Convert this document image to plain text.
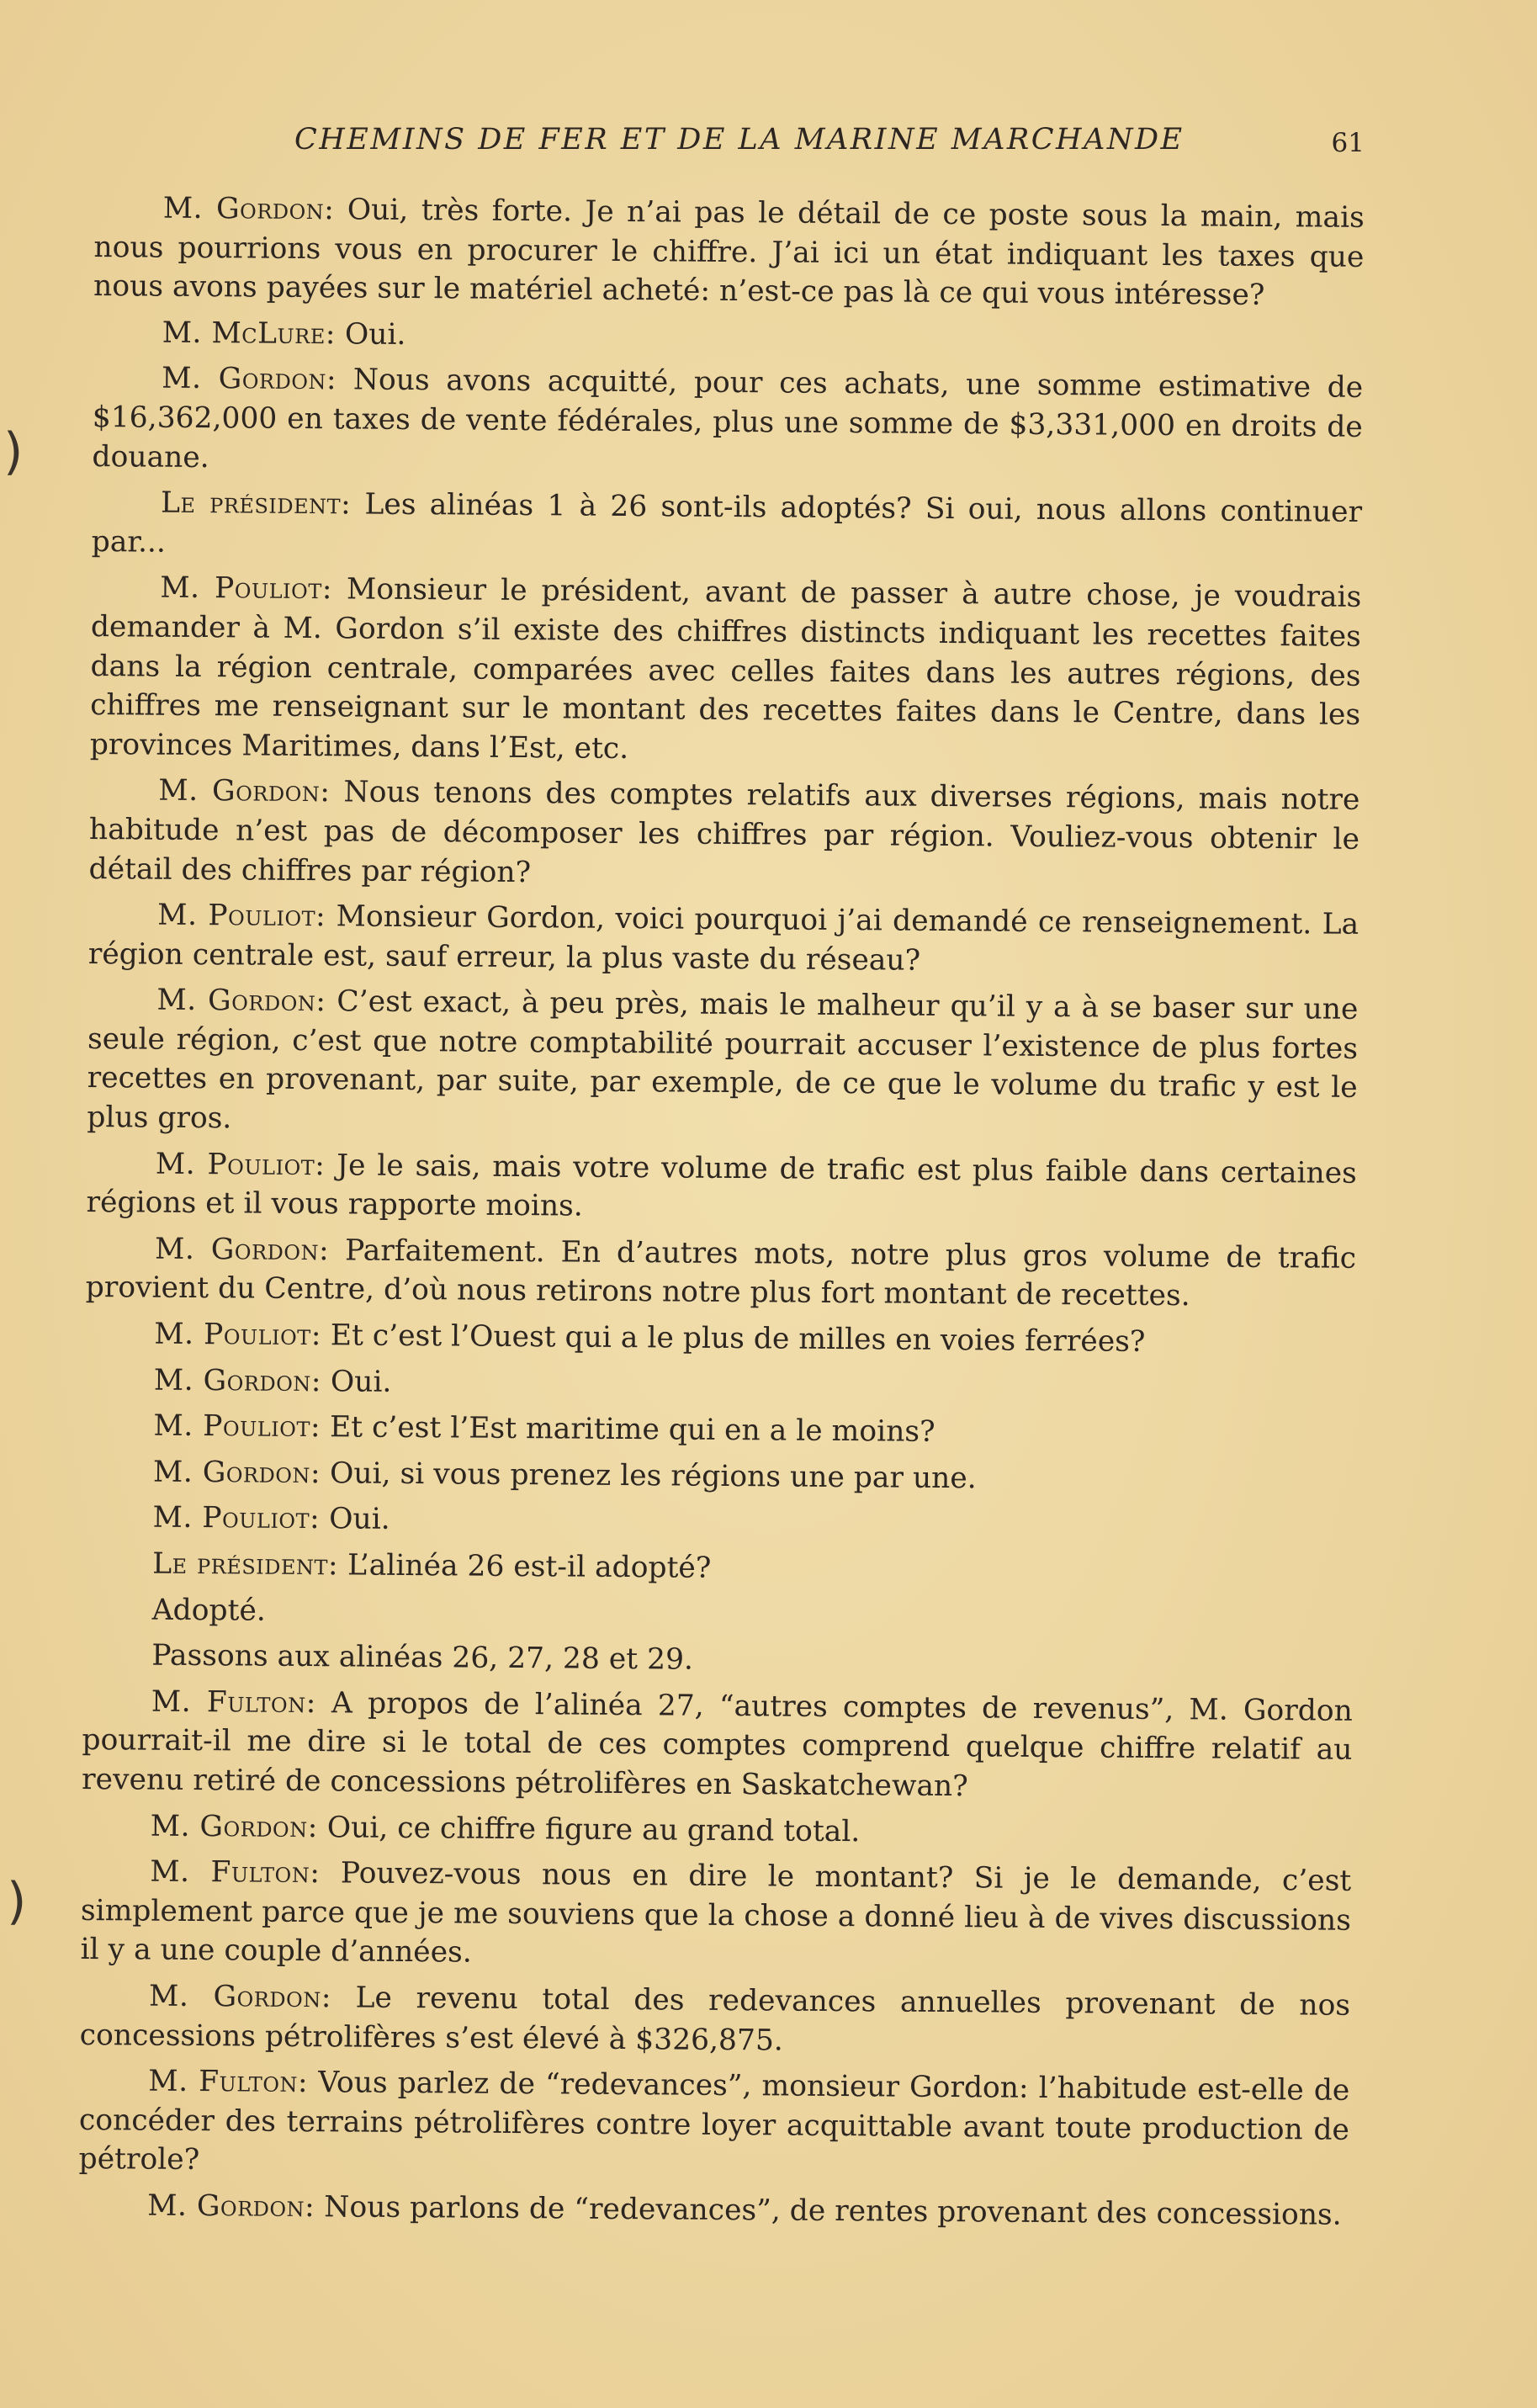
)
)
CHEMINS DE FER ET DE LA MARINE MARCHANDE	61

M. Gordon: Oui, très forte. Je n’ai pas le détail de ce poste sous la main, mais nous pourrions vous en procurer le chiffre. J’ai ici un état indiquant les taxes que nous avons payées sur le matériel acheté: n’est-ce pas là ce qui vous intéresse?

M. McLure: Oui.

M. Gordon: Nous avons acquitté, pour ces achats, une somme estimative de $16,362,000 en taxes de vente fédérales, plus une somme de $3,331,000 en droits de douane.

Le président: Les alinéas 1 à 26 sont-ils adoptés? Si oui, nous allons continuer par...

M. Pouliot: Monsieur le président, avant de passer à autre chose, je voudrais demander à M. Gordon s’il existe des chiffres distincts indiquant les recettes faites dans la région centrale, comparées avec celles faites dans les autres régions, des chiffres me renseignant sur le montant des recettes faites dans le Centre, dans les provinces Maritimes, dans l’Est, etc.

M. Gordon: Nous tenons des comptes relatifs aux diverses régions, mais notre habitude n’est pas de décomposer les chiffres par région. Vouliez-vous obtenir le détail des chiffres par région?

M. Pouliot: Monsieur Gordon, voici pourquoi j’ai demandé ce renseignement. La région centrale est, sauf erreur, la plus vaste du réseau?

M. Gordon: C’est exact, à peu près, mais le malheur qu’il y a à se baser sur une seule région, c’est que notre comptabilité pourrait accuser l’existence de plus fortes recettes en provenant, par suite, par exemple, de ce que le volume du trafic y est le plus gros.

M. Pouliot: Je le sais, mais votre volume de trafic est plus faible dans certaines régions et il vous rapporte moins.

M. Gordon: Parfaitement. En d’autres mots, notre plus gros volume de trafic provient du Centre, d’où nous retirons notre plus fort montant de recettes.

M. Pouliot: Et c’est l’Ouest qui a le plus de milles en voies ferrées?

M. Gordon: Oui.

M. Pouliot: Et c’est l’Est maritime qui en a le moins?

M. Gordon: Oui, si vous prenez les régions une par une.

M. Pouliot: Oui.

Le président: L’alinéa 26 est-il adopté?

Adopté.

Passons aux alinéas 26, 27, 28 et 29.

M. Fulton: A propos de l’alinéa 27, “autres comptes de revenus”, M. Gordon pourrait-il me dire si le total de ces comptes comprend quelque chiffre relatif au revenu retiré de concessions pétrolifères en Saskatchewan?

M. Gordon: Oui, ce chiffre figure au grand total.

M. Fulton: Pouvez-vous nous en dire le montant? Si je le demande, c’est simplement parce que je me souviens que la chose a donné lieu à de vives discussions il y a une couple d’années.

M. Gordon: Le revenu total des redevances annuelles provenant de nos concessions pétrolifères s’est élevé à $326,875.

M. Fulton: Vous parlez de “redevances”, monsieur Gordon: l’habitude est-elle de concéder des terrains pétrolifères contre loyer acquittable avant toute production de pétrole?

M. Gordon: Nous parlons de “redevances”, de rentes provenant des concessions.
